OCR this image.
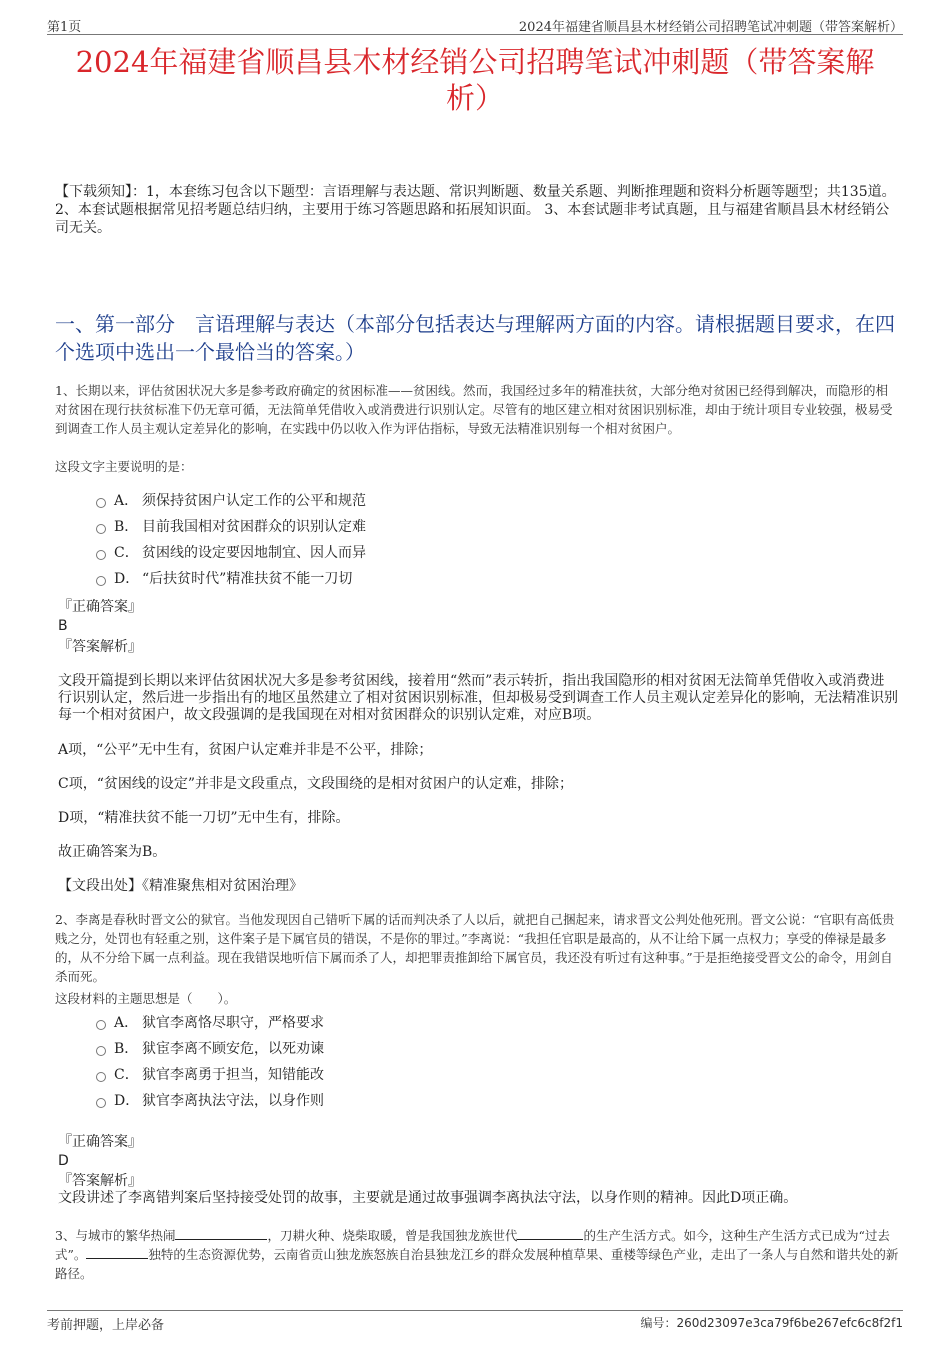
第1页	2024年福建省顺昌县木材经销公司招聘笔试冲刺题（带答案解析）
2024年福建省顺昌县木材经销公司招聘笔试冲刺题（带答案解
析）
【下载须知】：1，本套练习包含以下题型：言语理解与表达题、常识判断题、数量关系题、判断推理题和资料分析题等题型；共135道。 2、本套试题根据常见招考题总结归纳，主要用于练习答题思路和拓展知识面。 3、本套试题非考试真题，且与福建省顺昌县木材经销公司无关。
一、第一部分　言语理解与表达（本部分包括表达与理解两方面的内容。请根据题目要求，在四个选项中选出一个最恰当的答案。）
1、长期以来，评估贫困状况大多是参考政府确定的贫困标准——贫困线。然而，我国经过多年的精准扶贫，大部分绝对贫困已经得到解决，而隐形的相对贫困在现行扶贫标准下仍无章可循，无法简单凭借收入或消费进行识别认定。尽管有的地区建立相对贫困识别标准，却由于统计项目专业较强，极易受到调查工作人员主观认定差异化的影响，在实践中仍以收入作为评估指标，导致无法精准识别每一个相对贫困户。
这段文字主要说明的是：
A． 须保持贫困户认定工作的公平和规范
B． 目前我国相对贫困群众的识别认定难
C． 贫困线的设定要因地制宜、因人而异
D． “后扶贫时代”精准扶贫不能一刀切
『正确答案』
B
『答案解析』
文段开篇提到长期以来评估贫困状况大多是参考贫困线，接着用“然而”表示转折，指出我国隐形的相对贫困无法简单凭借收入或消费进行识别认定，然后进一步指出有的地区虽然建立了相对贫困识别标准，但却极易受到调查工作人员主观认定差异化的影响，无法精准识别每一个相对贫困户，故文段强调的是我国现在对相对贫困群众的识别认定难，对应B项。
A项，“公平”无中生有，贫困户认定难并非是不公平，排除；
C项，“贫困线的设定”并非是文段重点，文段围绕的是相对贫困户的认定难，排除；
D项，“精准扶贫不能一刀切”无中生有，排除。
故正确答案为B。
【文段出处】《精准聚焦相对贫困治理》
2、李离是春秋时晋文公的狱官。当他发现因自己错听下属的话而判决杀了人以后，就把自己捆起来，请求晋文公判处他死刑。晋文公说：“官职有高低贵贱之分，处罚也有轻重之别，这件案子是下属官员的错误，不是你的罪过。”李离说：“我担任官职是最高的，从不让给下属一点权力；享受的俸禄是最多的，从不分给下属一点利益。现在我错误地听信下属而杀了人，却把罪责推卸给下属官员，我还没有听过有这种事。”于是拒绝接受晋文公的命令，用剑自杀而死。
这段材料的主题思想是（　　）。
A． 狱官李离恪尽职守，严格要求
B． 狱宦李离不顾安危，以死劝谏
C． 狱官李离勇于担当，知错能改
D． 狱官李离执法守法，以身作则
『正确答案』
D
『答案解析』
文段讲述了李离错判案后坚持接受处罚的故事，主要就是通过故事强调李离执法守法，以身作则的精神。因此D项正确。
3、与城市的繁华热闹	，刀耕火种、烧柴取暖，曾是我国独龙族世代	的生产生活方式。如今，这种生产生活方式已成为“过去式”。	独特的生态资源优势，云南省贡山独龙族怒族自治县独龙江乡的群众发展种植草果、重楼等绿色产业，走出了一条人与自然和谐共处的新路径。
考前押题，上岸必备	编号：260d23097e3ca79f6be267efc6c8f2f1
